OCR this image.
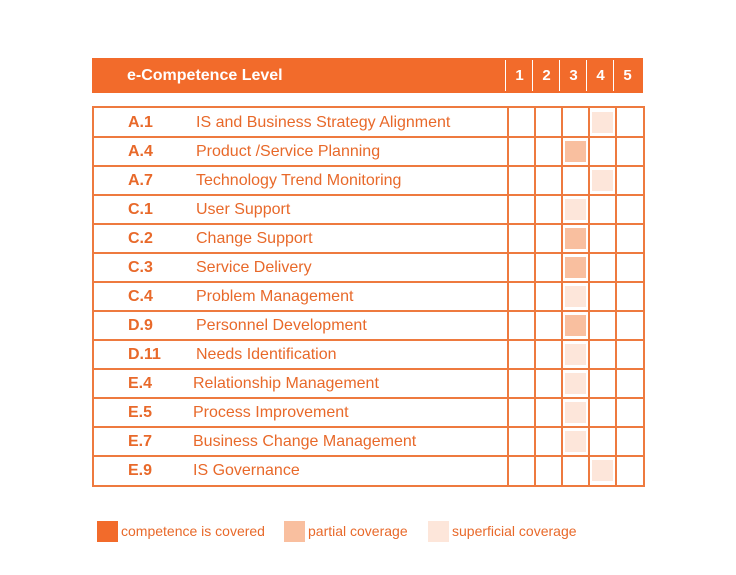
e-Competence Level	1	2	3	4	5
A.1	IS and Business Strategy Alignment
A.4	Product /Service Planning
A.7	Technology Trend Monitoring
C.1	User Support
C.2	Change Support
C.3	Service Delivery
C.4	Problem Management
D.9	Personnel Development
D.11 Needs Identification
E.4	Relationship Management
E.5	Process Improvement
E.7	Business Change Management
E.9	IS Governance
competence is covered	partial coverage	superficial coverage
